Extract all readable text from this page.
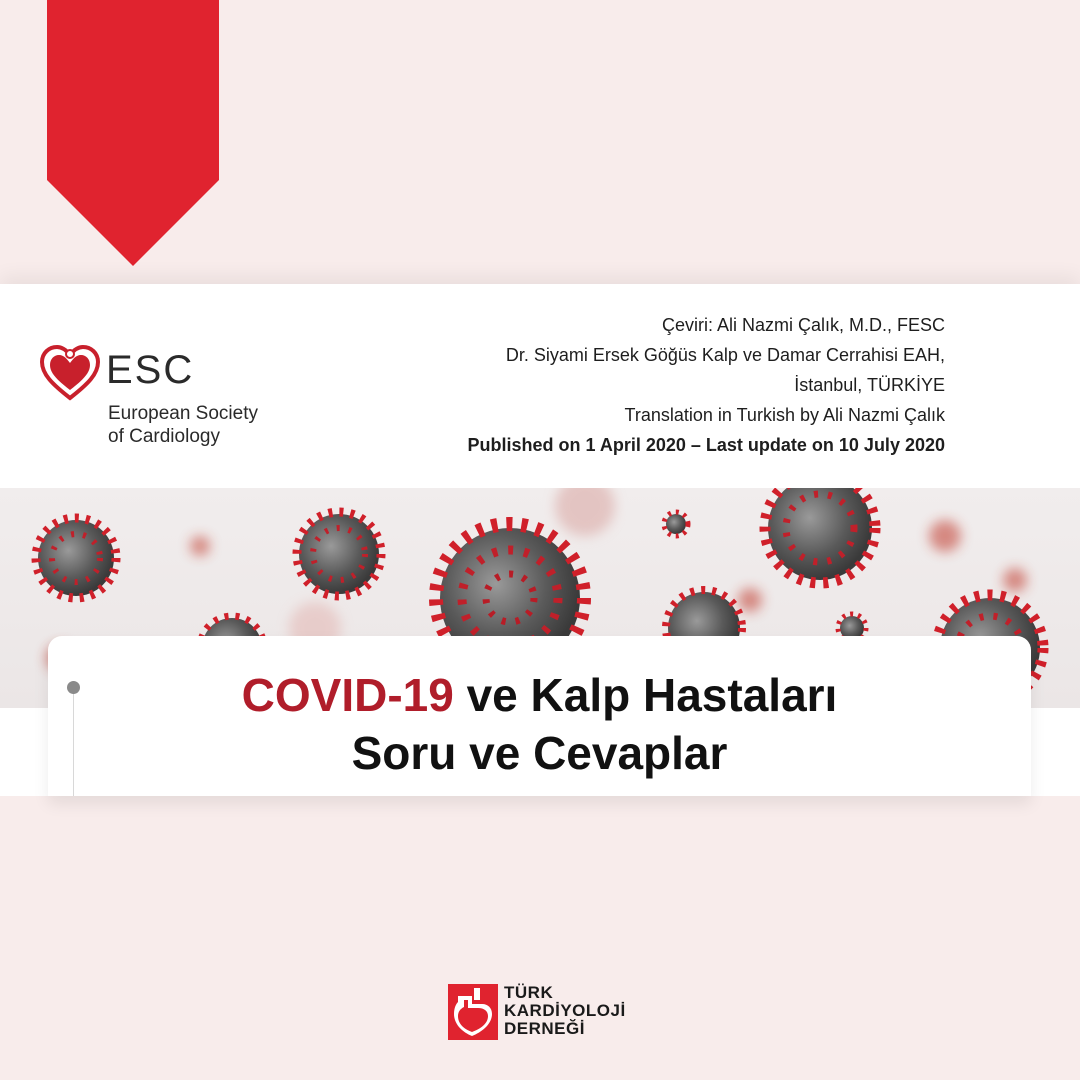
ESC
European Society
of Cardiology
Çeviri: Ali Nazmi Çalık, M.D., FESC
Dr. Siyami Ersek Göğüs Kalp ve Damar Cerrahisi EAH,
İstanbul, TÜRKİYE
Translation in Turkish by Ali Nazmi Çalık
Published on 1 April 2020 – Last update on 10 July 2020
COVID-19 ve Kalp Hastaları
Soru ve Cevaplar
TÜRK
KARDİYOLOJİ
DERNEĞİ
